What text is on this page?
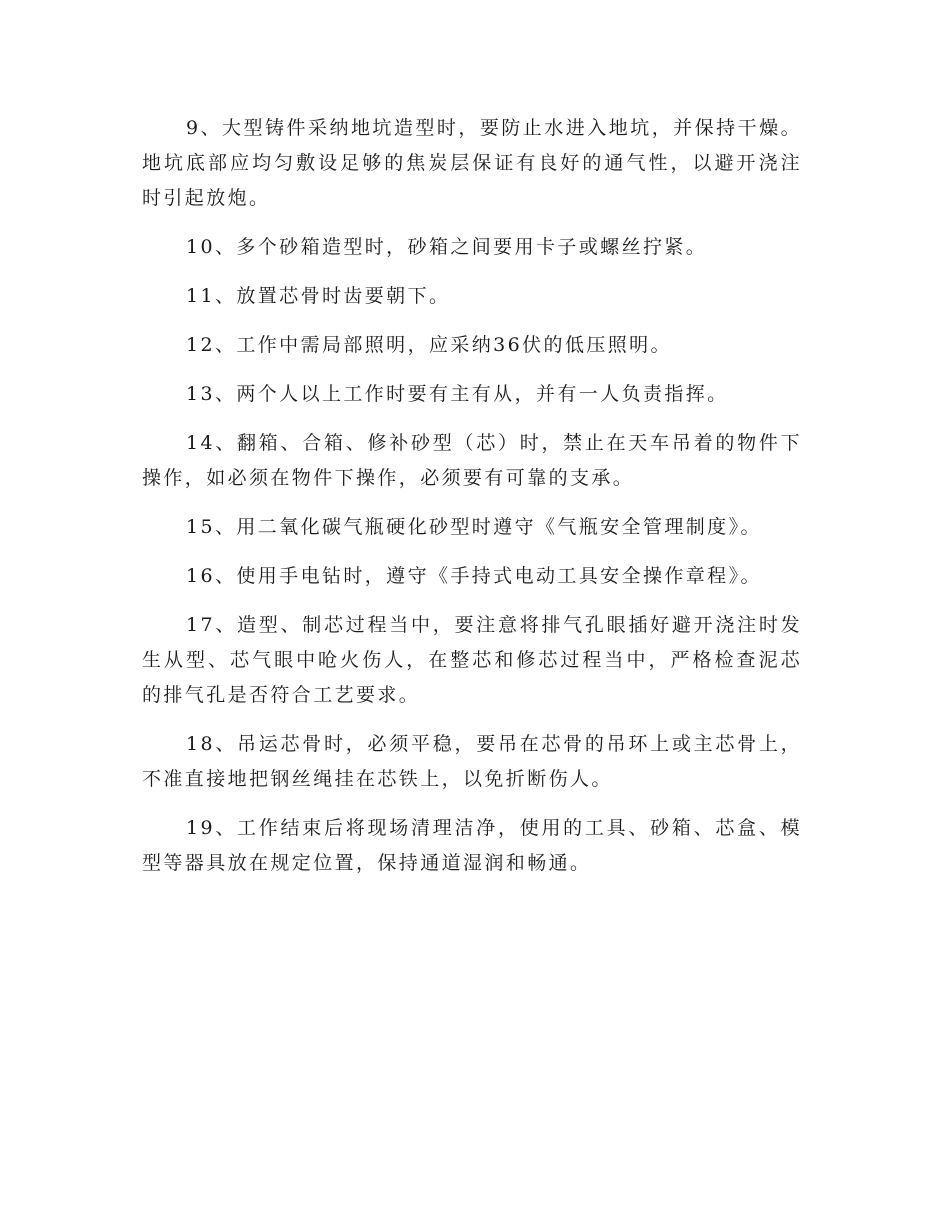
9、大型铸件采纳地坑造型时，要防止水进入地坑，并保持干燥。地坑底部应均匀敷设足够的焦炭层保证有良好的通气性，以避开浇注时引起放炮。

10、多个砂箱造型时，砂箱之间要用卡子或螺丝拧紧。

11、放置芯骨时齿要朝下。

12、工作中需局部照明，应采纳36伏的低压照明。

13、两个人以上工作时要有主有从，并有一人负责指挥。

14、翻箱、合箱、修补砂型（芯）时，禁止在天车吊着的物件下操作，如必须在物件下操作，必须要有可靠的支承。

15、用二氧化碳气瓶硬化砂型时遵守《气瓶安全管理制度》。

16、使用手电钻时，遵守《手持式电动工具安全操作章程》。

17、造型、制芯过程当中，要注意将排气孔眼插好避开浇注时发生从型、芯气眼中呛火伤人，在整芯和修芯过程当中，严格检查泥芯的排气孔是否符合工艺要求。

18、吊运芯骨时，必须平稳，要吊在芯骨的吊环上或主芯骨上，不准直接地把钢丝绳挂在芯铁上，以免折断伤人。

19、工作结束后将现场清理洁净，使用的工具、砂箱、芯盒、模型等器具放在规定位置，保持通道湿润和畅通。
